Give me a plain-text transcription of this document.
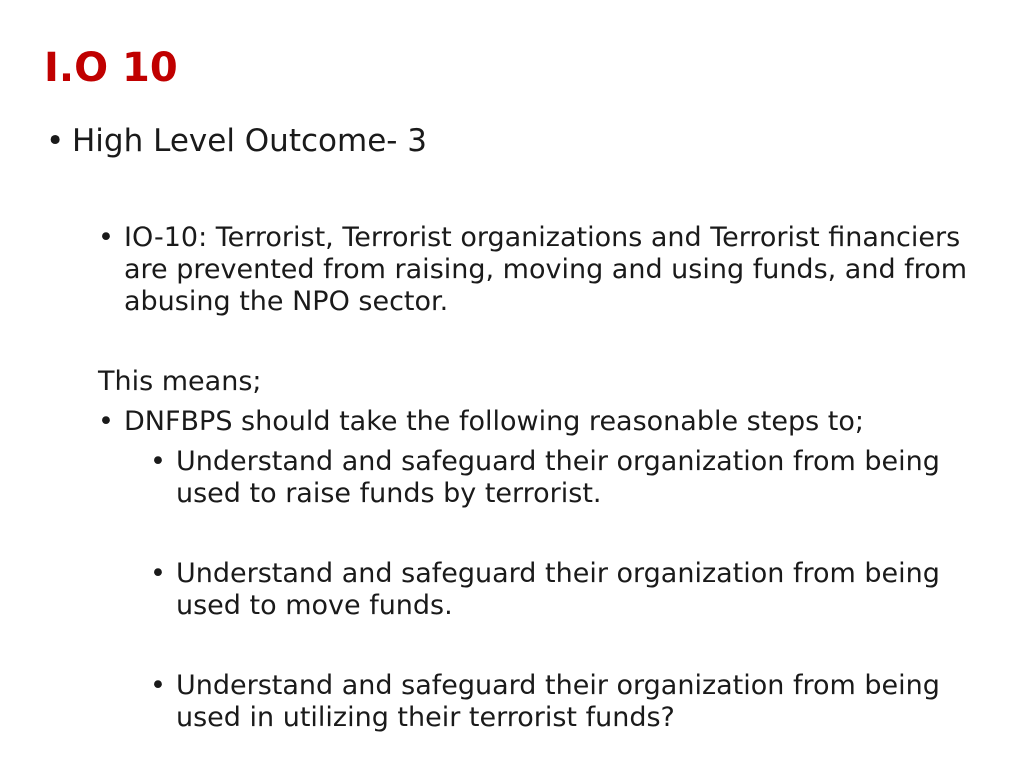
I.O 10
• High Level Outcome- 3
• IO-10: Terrorist, Terrorist organizations and Terrorist financiers are prevented from raising, moving and using funds, and from abusing the NPO sector.
This means;
• DNFBPS should take the following reasonable steps to;
• Understand and safeguard their organization from being used to raise funds by terrorist.
• Understand and safeguard their organization from being used to move funds.
• Understand and safeguard their organization from being used in utilizing their terrorist funds?
